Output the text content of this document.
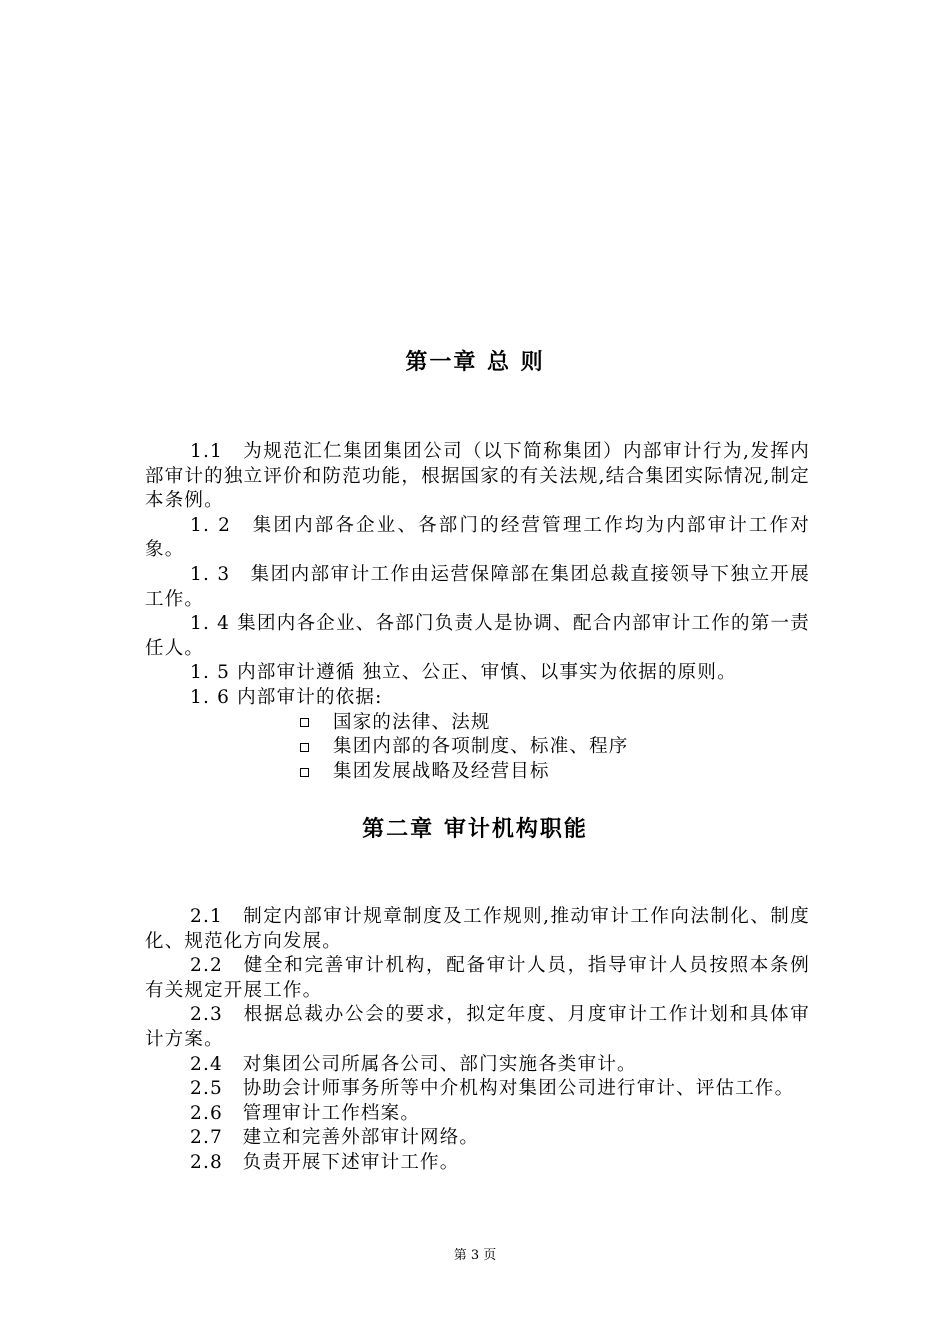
第一章 总 则

1.1　为规范汇仁集团集团公司（以下简称集团）内部审计行为,发挥内部审计的独立评价和防范功能，根据国家的有关法规,结合集团实际情况,制定本条例。

1. 2　集团内部各企业、各部门的经营管理工作均为内部审计工作对象。

1. 3　集团内部审计工作由运营保障部在集团总裁直接领导下独立开展工作。

1. 4 集团内各企业、各部门负责人是协调、配合内部审计工作的第一责任人。

1. 5 内部审计遵循 独立、公正、审慎、以事实为依据的原则。

1. 6 内部审计的依据:

国家的法律、法规
集团内部的各项制度、标准、程序
集团发展战略及经营目标
第二章 审计机构职能

2.1　制定内部审计规章制度及工作规则,推动审计工作向法制化、制度化、规范化方向发展。

2.2　健全和完善审计机构，配备审计人员，指导审计人员按照本条例有关规定开展工作。

2.3　根据总裁办公会的要求，拟定年度、月度审计工作计划和具体审计方案。

2.4　对集团公司所属各公司、部门实施各类审计。

2.5　协助会计师事务所等中介机构对集团公司进行审计、评估工作。

2.6　管理审计工作档案。

2.7　建立和完善外部审计网络。

2.8　负责开展下述审计工作。

第 3 页
